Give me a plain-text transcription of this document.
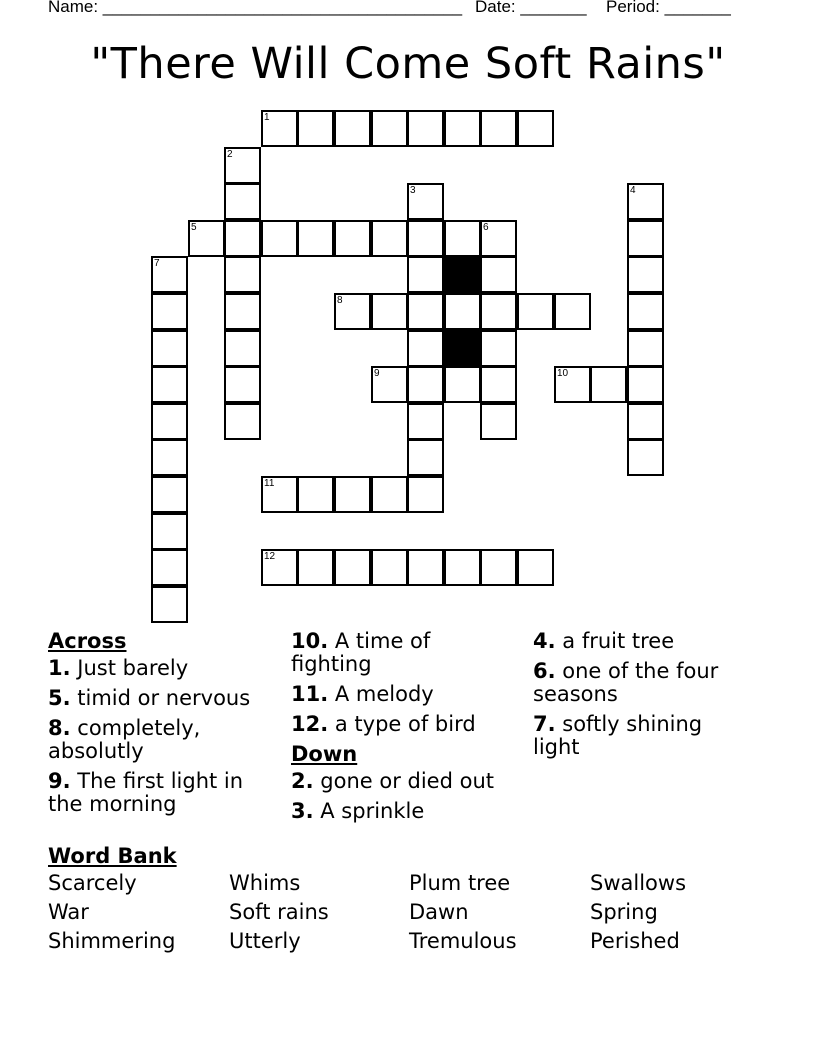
Name: ______________________________________ Date: _______ Period: _______
"There Will Come Soft Rains"
1
2
3	4
5	6
7
8
9	10
11
12
Across
1. Just barely
5. timid or nervous
8. completely, absolutly
9. The first light in the morning
10. A time of fighting
11. A melody
12. a type of bird
Down
2. gone or died out
3. A sprinkle
4. a fruit tree
6. one of the four seasons
7. softly shining light
Word Bank
Scarcely	Whims	Plum tree	Swallows
War	Soft rains	Dawn	Spring
Shimmering	Utterly	Tremulous	Perished
